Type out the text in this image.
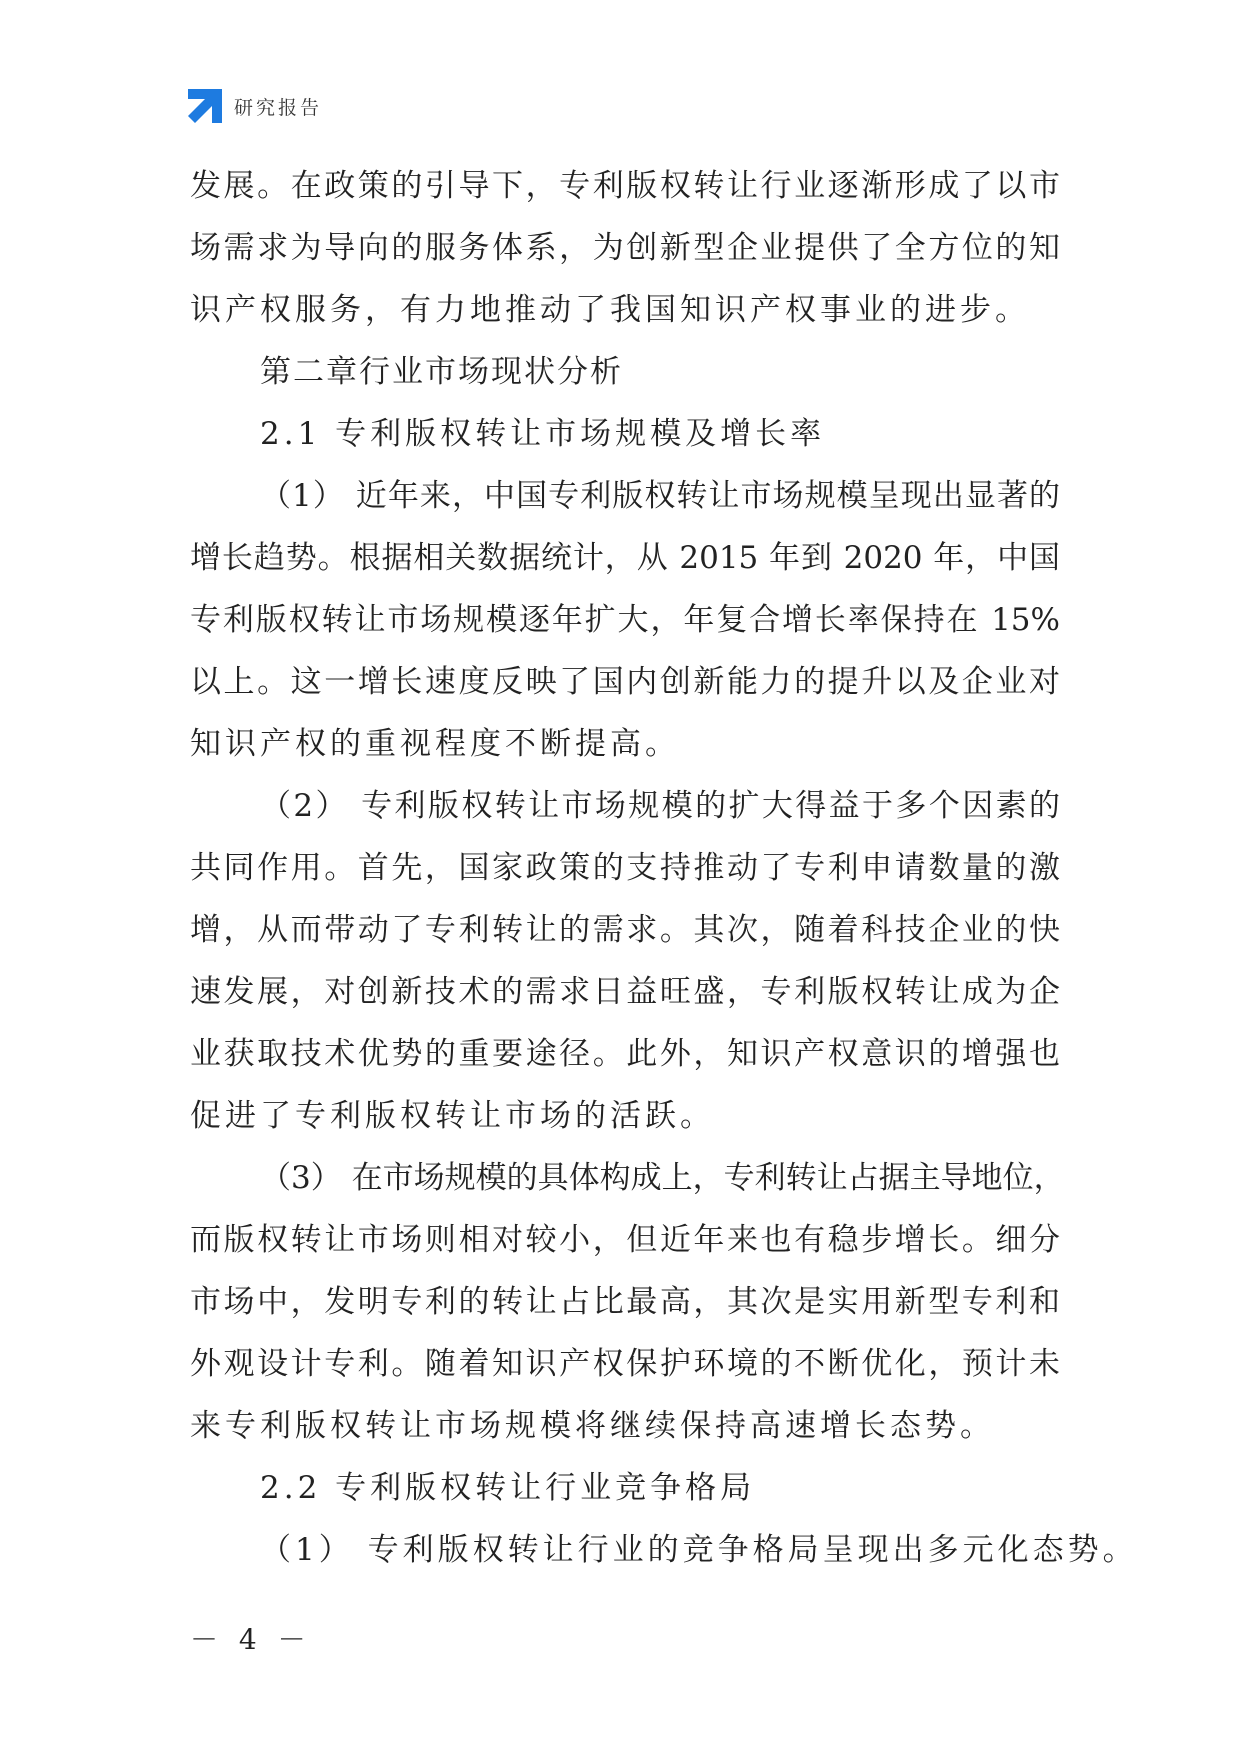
研究报告
发展。在政策的引导下，专利版权转让行业逐渐形成了以市
场需求为导向的服务体系，为创新型企业提供了全方位的知
识产权服务，有力地推动了我国知识产权事业的进步。
第二章行业市场现状分析
2.1 专利版权转让市场规模及增长率
（1） 近年来，中国专利版权转让市场规模呈现出显著的
增长趋势。根据相关数据统计，从 2015 年到 2020 年，中国
专利版权转让市场规模逐年扩大，年复合增长率保持在 15%
以上。这一增长速度反映了国内创新能力的提升以及企业对
知识产权的重视程度不断提高。
（2） 专利版权转让市场规模的扩大得益于多个因素的
共同作用。首先，国家政策的支持推动了专利申请数量的激
增，从而带动了专利转让的需求。其次，随着科技企业的快
速发展，对创新技术的需求日益旺盛，专利版权转让成为企
业获取技术优势的重要途径。此外，知识产权意识的增强也
促进了专利版权转让市场的活跃。
（3） 在市场规模的具体构成上，专利转让占据主导地位，
而版权转让市场则相对较小，但近年来也有稳步增长。细分
市场中，发明专利的转让占比最高，其次是实用新型专利和
外观设计专利。随着知识产权保护环境的不断优化，预计未
来专利版权转让市场规模将继续保持高速增长态势。
2.2 专利版权转让行业竞争格局
（1） 专利版权转让行业的竞争格局呈现出多元化态势。
－ 4 －
